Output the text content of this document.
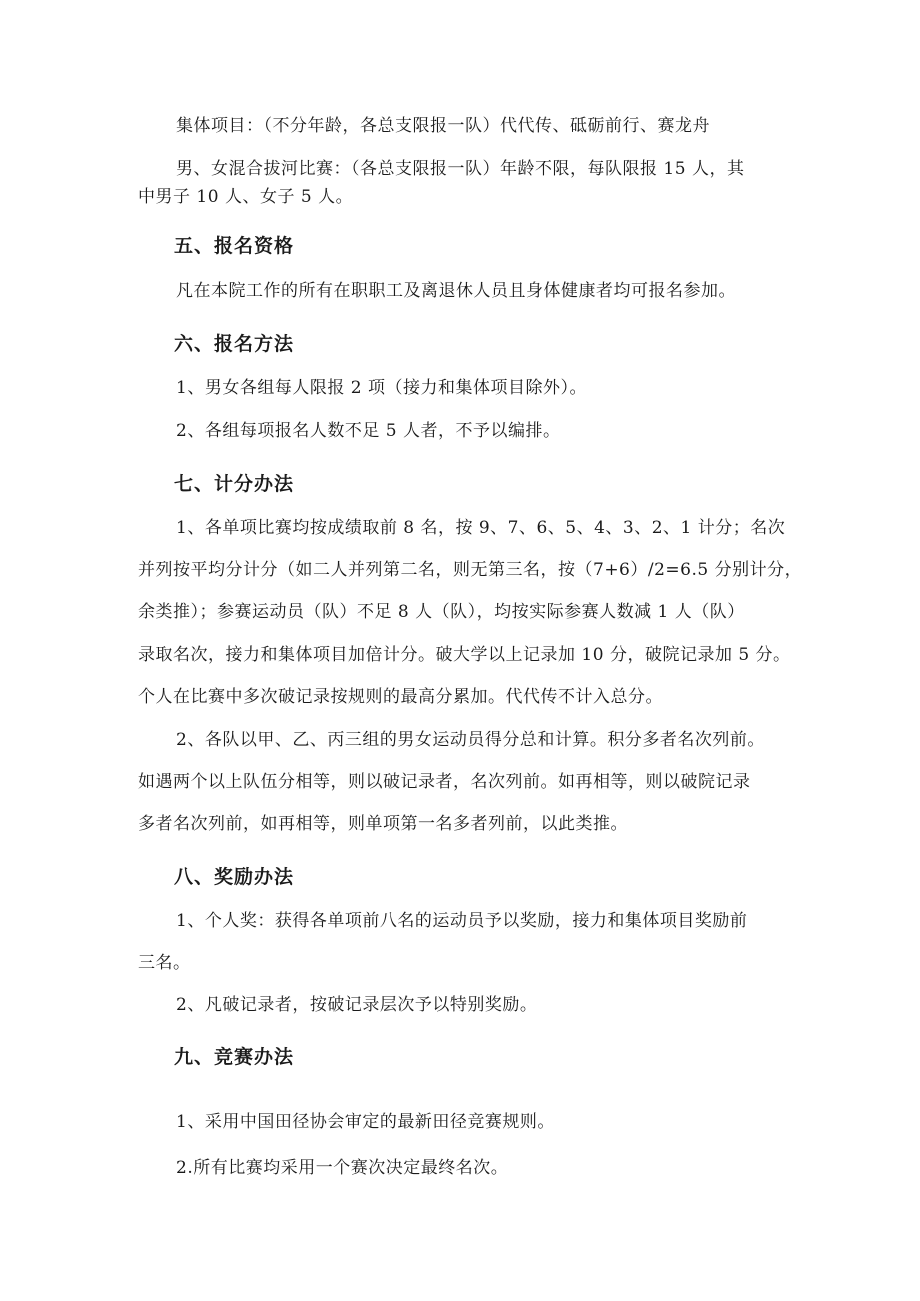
集体项目：（不分年龄，各总支限报一队）代代传、砥砺前行、赛龙舟
男、女混合拔河比赛：（各总支限报一队）年龄不限，每队限报 15 人，其
中男子 10 人、女子 5 人。
五、报名资格
凡在本院工作的所有在职职工及离退休人员且身体健康者均可报名参加。
六、报名方法
1、男女各组每人限报 2 项（接力和集体项目除外）。
2、各组每项报名人数不足 5 人者，不予以编排。
七、计分办法
1、各单项比赛均按成绩取前 8 名，按 9、7、6、5、4、3、2、1 计分；名次
并列按平均分计分（如二人并列第二名，则无第三名，按（7+6）/2=6.5 分别计分，
余类推）；参赛运动员（队）不足 8 人（队），均按实际参赛人数减 1 人（队）
录取名次，接力和集体项目加倍计分。破大学以上记录加 10 分，破院记录加 5 分。
个人在比赛中多次破记录按规则的最高分累加。代代传不计入总分。
2、各队以甲、乙、丙三组的男女运动员得分总和计算。积分多者名次列前。
如遇两个以上队伍分相等，则以破记录者，名次列前。如再相等，则以破院记录
多者名次列前，如再相等，则单项第一名多者列前，以此类推。
八、奖励办法
1、个人奖：获得各单项前八名的运动员予以奖励，接力和集体项目奖励前
三名。
2、凡破记录者，按破记录层次予以特别奖励。
九、竞赛办法
1、采用中国田径协会审定的最新田径竞赛规则。
2.所有比赛均采用一个赛次决定最终名次。
